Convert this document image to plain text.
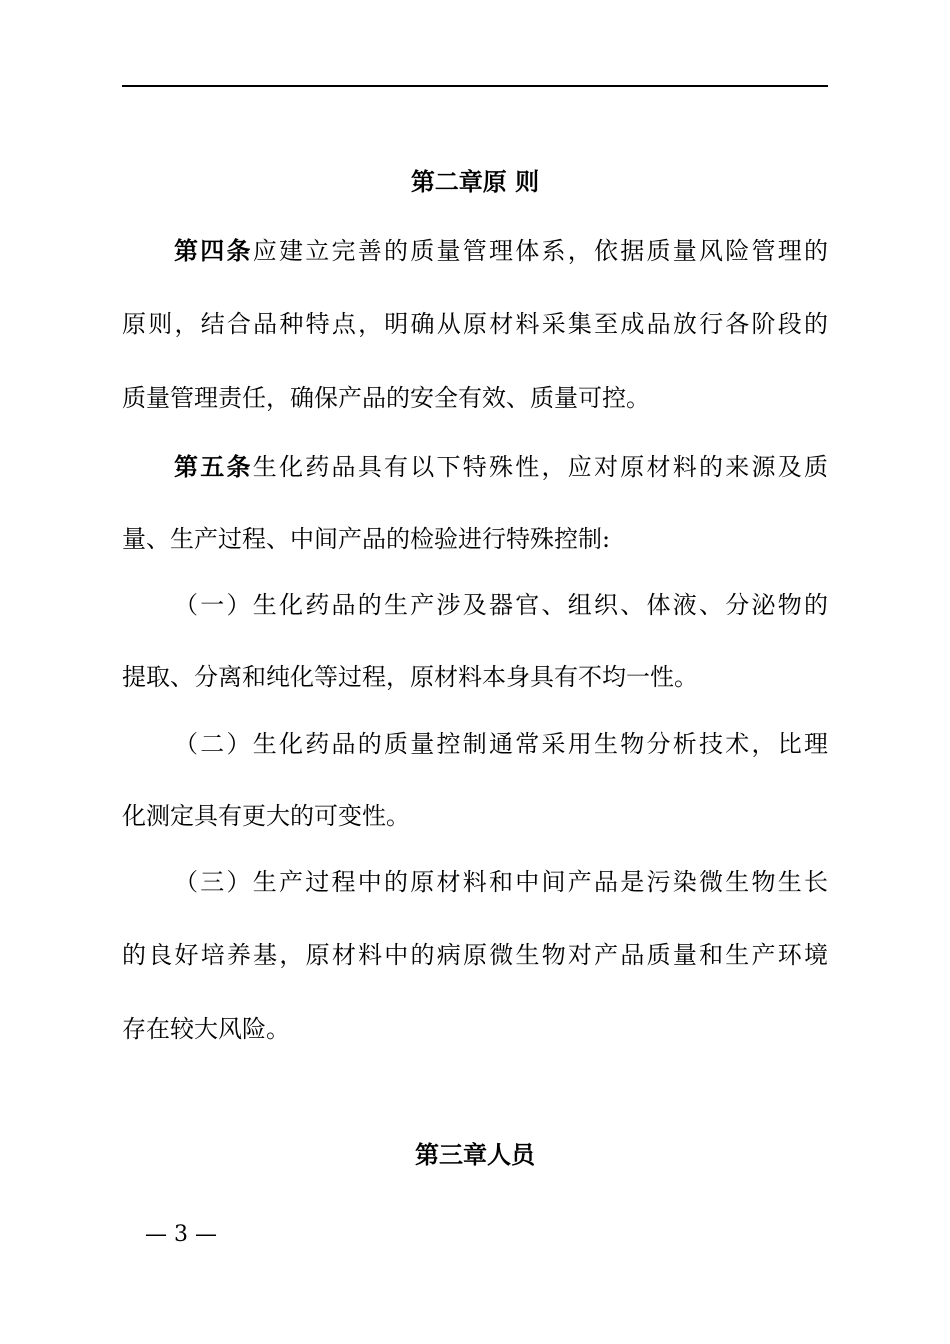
第二章原 则
第四条应建立完善的质量管理体系，依据质量风险管理的
原则，结合品种特点，明确从原材料采集至成品放行各阶段的
质量管理责任，确保产品的安全有效、质量可控。
第五条生化药品具有以下特殊性，应对原材料的来源及质
量、生产过程、中间产品的检验进行特殊控制:
（一）生化药品的生产涉及器官、组织、体液、分泌物的
提取、分离和纯化等过程，原材料本身具有不均一性。
（二）生化药品的质量控制通常采用生物分析技术，比理
化测定具有更大的可变性。
（三）生产过程中的原材料和中间产品是污染微生物生长
的良好培养基，原材料中的病原微生物对产品质量和生产环境
存在较大风险。
第三章人员
— 3 —
